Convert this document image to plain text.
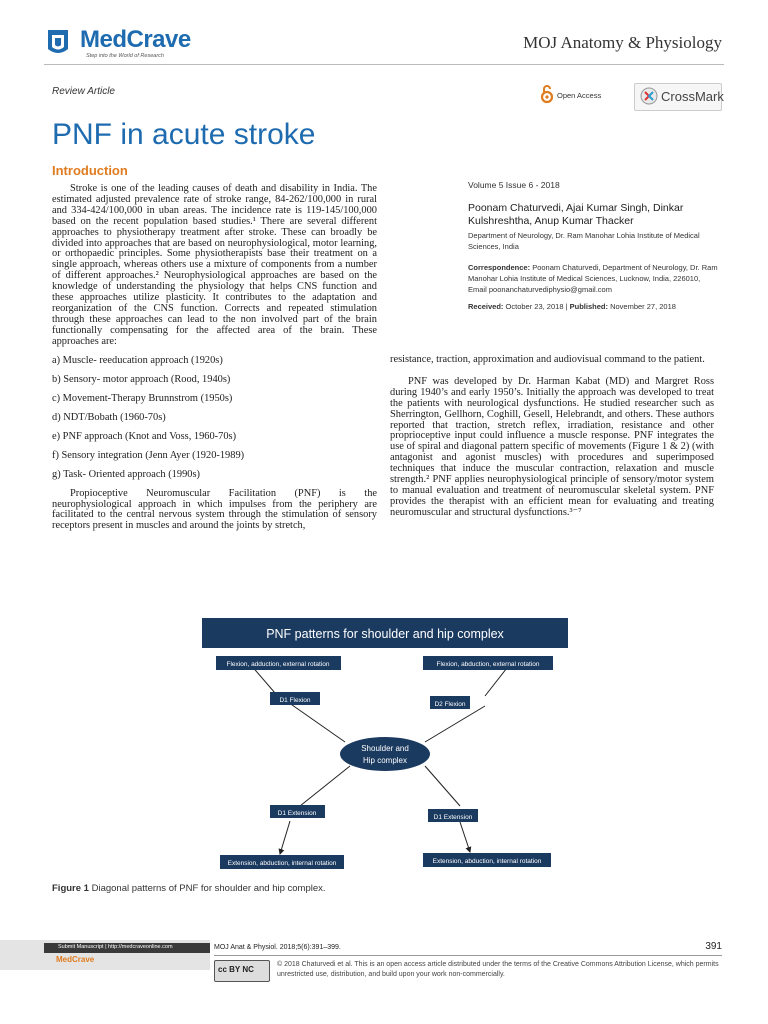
MedCrave
Step into the World of Research
MOJ Anatomy & Physiology
Review Article	Open Access	CrossMark
PNF in acute stroke
Introduction

Stroke is one of the leading causes of death and disability in India. The estimated adjusted prevalence rate of stroke range, 84-262/100,000 in rural and 334-424/100,000 in uban areas. The incidence rate is 119-145/100,000 based on the recent population based studies.¹ There are several different approaches to physiotherapy treatment after stroke. These can broadly be divided into approaches that are based on neurophysiological, motor learning, or orthopaedic principles. Some physiotherapists base their treatment on a single approach, whereas others use a mixture of components from a number of different approaches.² Neurophysiological approaches are based on the knowledge of understanding the physiology that helps CNS function and these approaches utilize plasticity. It contributes to the adaptation and reorganization of the CNS function. Corrects and repeated stimulation through these approaches can lead to the non involved part of the brain functionally compensating for the affected area of the brain. These approaches are:

a) Muscle- reeducation approach (1920s)
b) Sensory- motor approach (Rood, 1940s)
c) Movement-Therapy Brunnstrom (1950s)
d) NDT/Bobath (1960-70s)
e) PNF approach (Knot and Voss, 1960-70s)
f) Sensory integration (Jenn Ayer (1920-1989)
g) Task- Oriented approach (1990s)

Propioceptive Neuromuscular Facilitation (PNF) is the neurophysiological approach in which impulses from the periphery are facilitated to the central nervous system through the stimulation of sensory receptors present in muscles and around the joints by stretch,

Volume 5 Issue 6 - 2018
Poonam Chaturvedi, Ajai Kumar Singh, Dinkar Kulshreshtha, Anup Kumar Thacker
Department of Neurology, Dr. Ram Manohar Lohia Institute of Medical Sciences, India
Correspondence: Poonam Chaturvedi, Department of Neurology, Dr. Ram Manohar Lohia Institute of Medical Sciences, Lucknow, India, 226010,
Email poonanchaturvediphysio@gmail.com
Received: October 23, 2018 | Published: November 27, 2018

resistance, traction, approximation and audiovisual command to the patient.

PNF was developed by Dr. Harman Kabat (MD) and Margret Ross during 1940’s and early 1950’s. Initially the approach was developed to treat the patients with neurological dysfunctions. He studied researcher such as Sherrington, Gellhorn, Coghill, Gesell, Helebrandt, and others. These authors reported that traction, stretch reflex, irradiation, resistance and other proprioceptive input could influence a muscle response. PNF integrates the use of spiral and diagonal pattern specific of movements (Figure 1 & 2) (with antagonist and agonist muscles) with procedures and superimposed techniques that induce the muscular contraction, relaxation and muscle strength.² PNF applies neurophysiological principle of sensory/motor system to manual evaluation and treatment of neuromuscular skeletal system. PNF provides the therapist with an efficient mean for evaluating and treating neuromuscular and structural dysfunctions.³⁻⁷

PNF patterns for shoulder and hip complex
Flexion, adduction, external rotation	Flexion, abduction, external rotation
D1 Flexion
D2 Flexion
Shoulder and
Hip complex
D1 Extension
D1 Extension
Extension, abduction, internal rotation	Extension, abduction, internal rotation
Figure 1 Diagonal patterns of PNF for shoulder and hip complex.
Submit Manuscript | http://medcraveonline.com
MedCrave
MOJ Anat & Physiol. 2018;5(6):391‒399.	391
cc BY NC
© 2018 Chaturvedi et al. This is an open access article distributed under the terms of the Creative Commons Attribution License, which permits unrestricted use, distribution, and build upon your work non-commercially.
